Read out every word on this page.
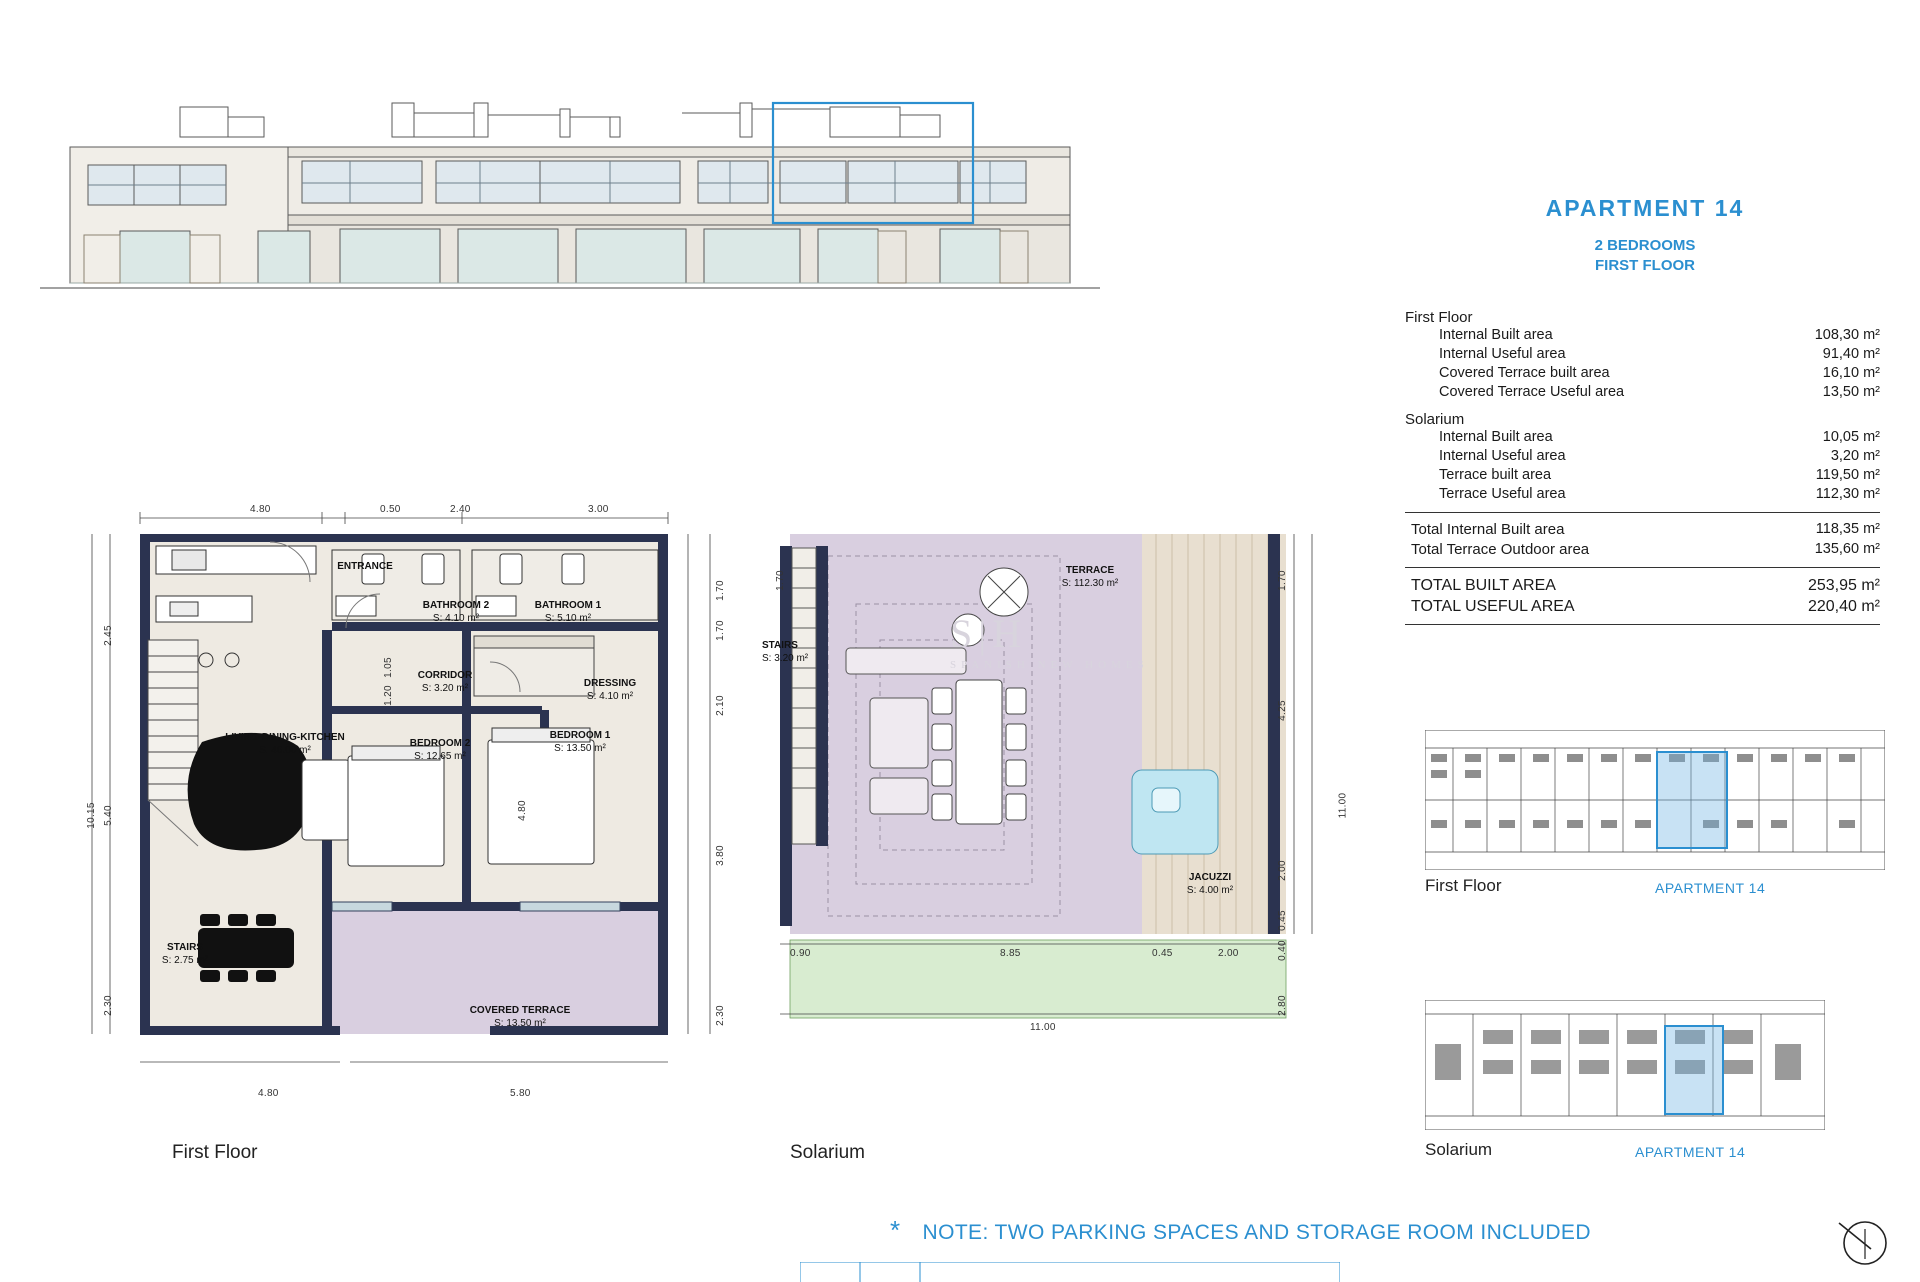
APARTMENT 14
2 BEDROOMS
FIRST FLOOR
First Floor
Internal Built area	108,30 m²
Internal Useful area	91,40 m²
Covered Terrace built area	16,10 m²
Covered Terrace Useful area	13,50 m²
Solarium
Internal Built area	10,05 m²
Internal Useful area	3,20 m²
Terrace built area	119,50 m²
Terrace Useful area	112,30 m²
Total Internal Built area	118,35 m²
Total Terrace Outdoor area	135,60 m²
TOTAL BUILT AREA	253,95 m²
TOTAL USEFUL AREA	220,40 m²
ENTRANCE
LIVING-DINING-KITCHEN
S: 46.00 m²
BATHROOM 2
S: 4.10 m²
BATHROOM 1
S: 5.10 m²
CORRIDOR
S: 3.20 m²	DRESSING
S: 4.10 m²
BEDROOM 2
S: 12.65 m²
BEDROOM 1
S: 13.50 m²
STAIRS
S: 2.75 m²
COVERED TERRACE
S: 13.50 m²
4.80	0.50	2.40	3.00
4.80	5.80
2.45
10.15 5.40
2.30
1.70
1.70
1.05
1.20	2.10
4.80
3.80
2.30
First Floor
TERRACE
S: 112.30 m²
STAIRS
S: 3.20 m²
JACUZZI
S: 4.00 m²
1.70	1.70
4.25
11.00
2.00
0.45
0.40
2.80
0.90	8.85	0.45	2.00
11.00
Solarium
S|H
SPANISH NEW HOMES
First Floor	APARTMENT 14
Solarium	APARTMENT 14
* NOTE: TWO PARKING SPACES AND STORAGE ROOM INCLUDED
